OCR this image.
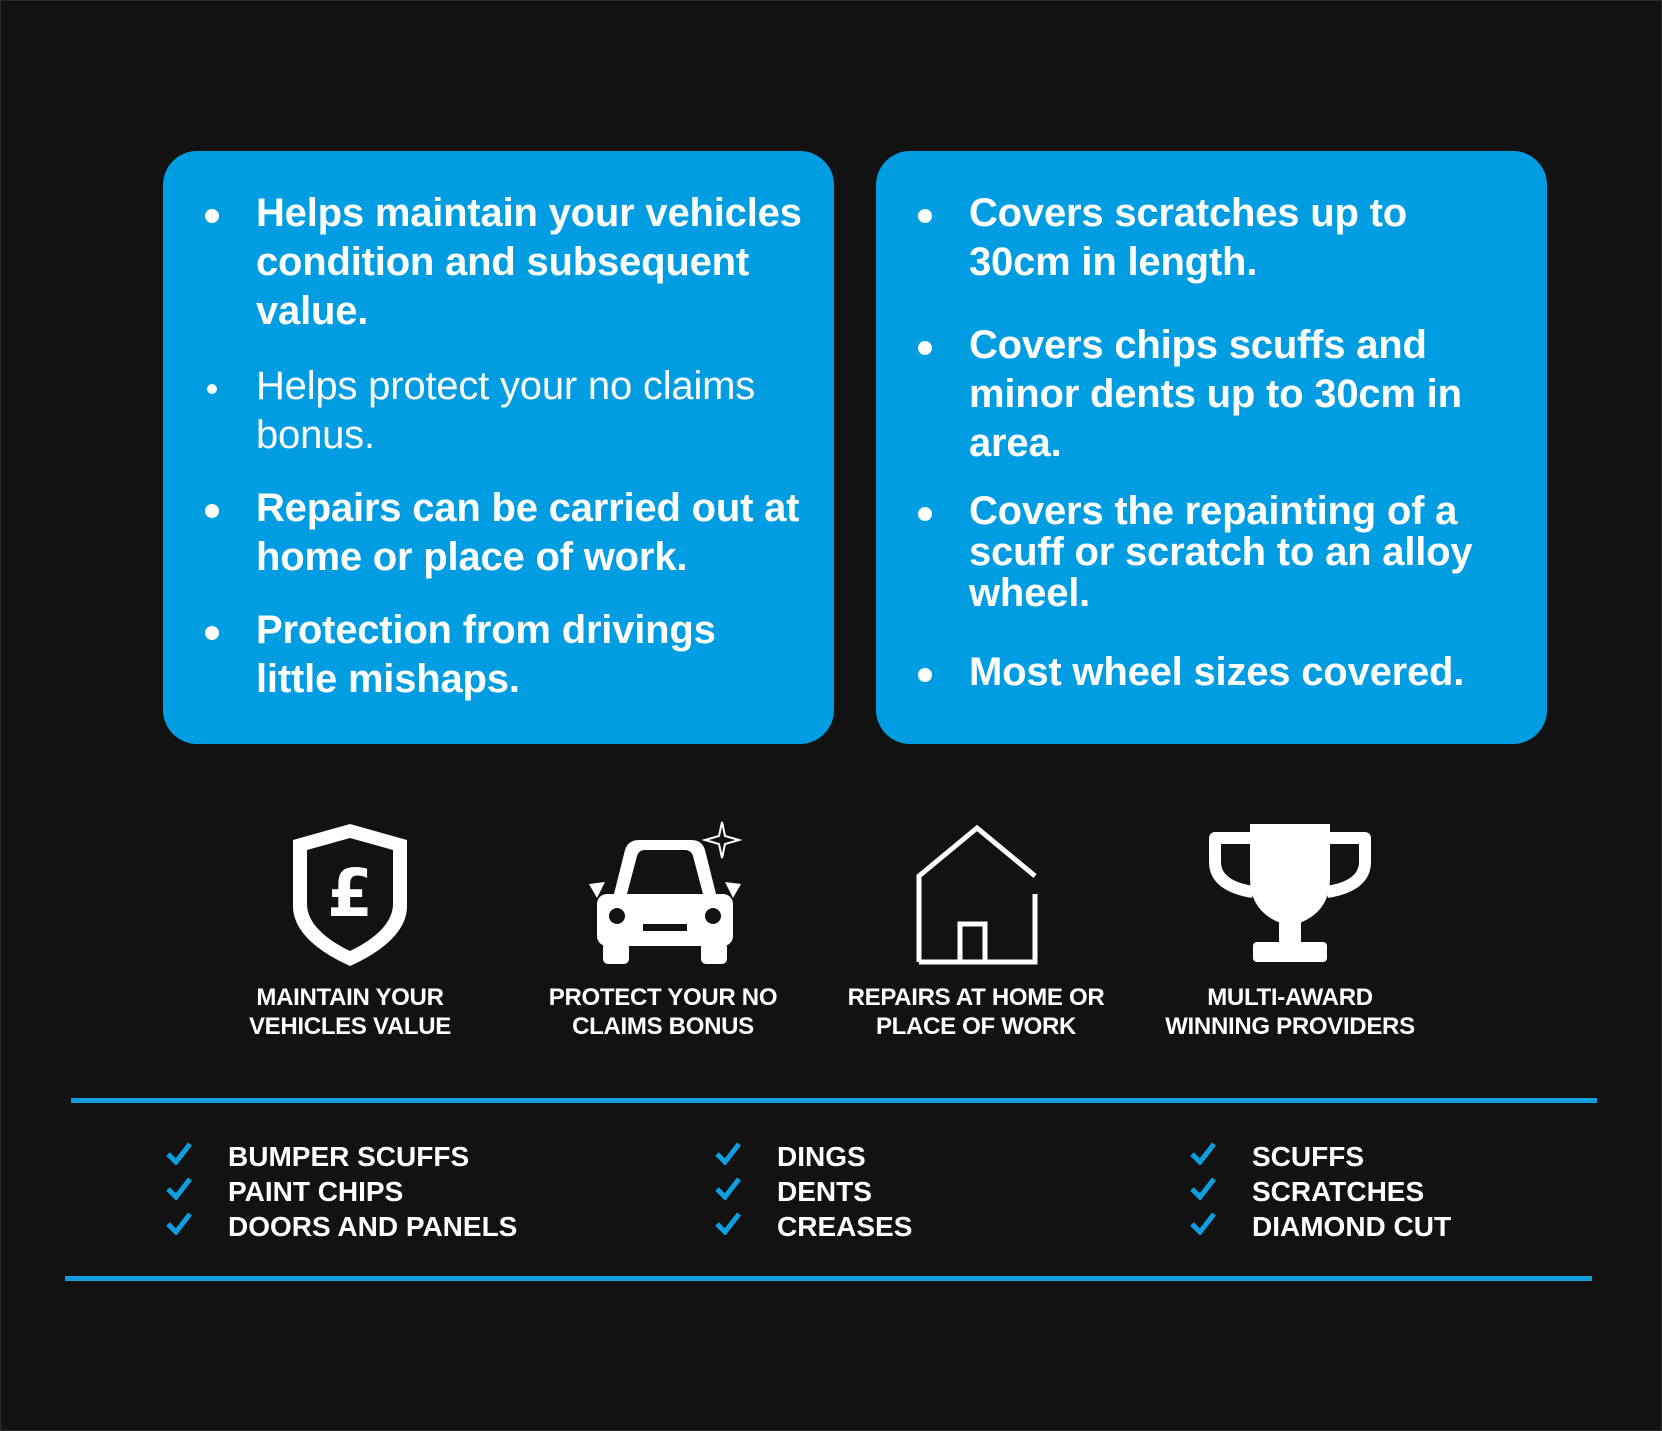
Helps maintain your vehicles condition and subsequent value.
Helps protect your no claims bonus.
Repairs can be carried out at home or place of work.
Protection from drivings little mishaps.
Covers scratches up to 30cm in length.
Covers chips scuffs and minor dents up to 30cm in area.
Covers the repainting of a scuff or scratch to an alloy wheel.
Most wheel sizes covered.
£
MAINTAIN YOUR
VEHICLES VALUE
PROTECT YOUR NO
CLAIMS BONUS
REPAIRS AT HOME OR
PLACE OF WORK
MULTI-AWARD
WINNING PROVIDERS
BUMPER SCUFFS
PAINT CHIPS
DOORS AND PANELS
DINGS
DENTS
CREASES
SCUFFS
SCRATCHES
DIAMOND CUT
